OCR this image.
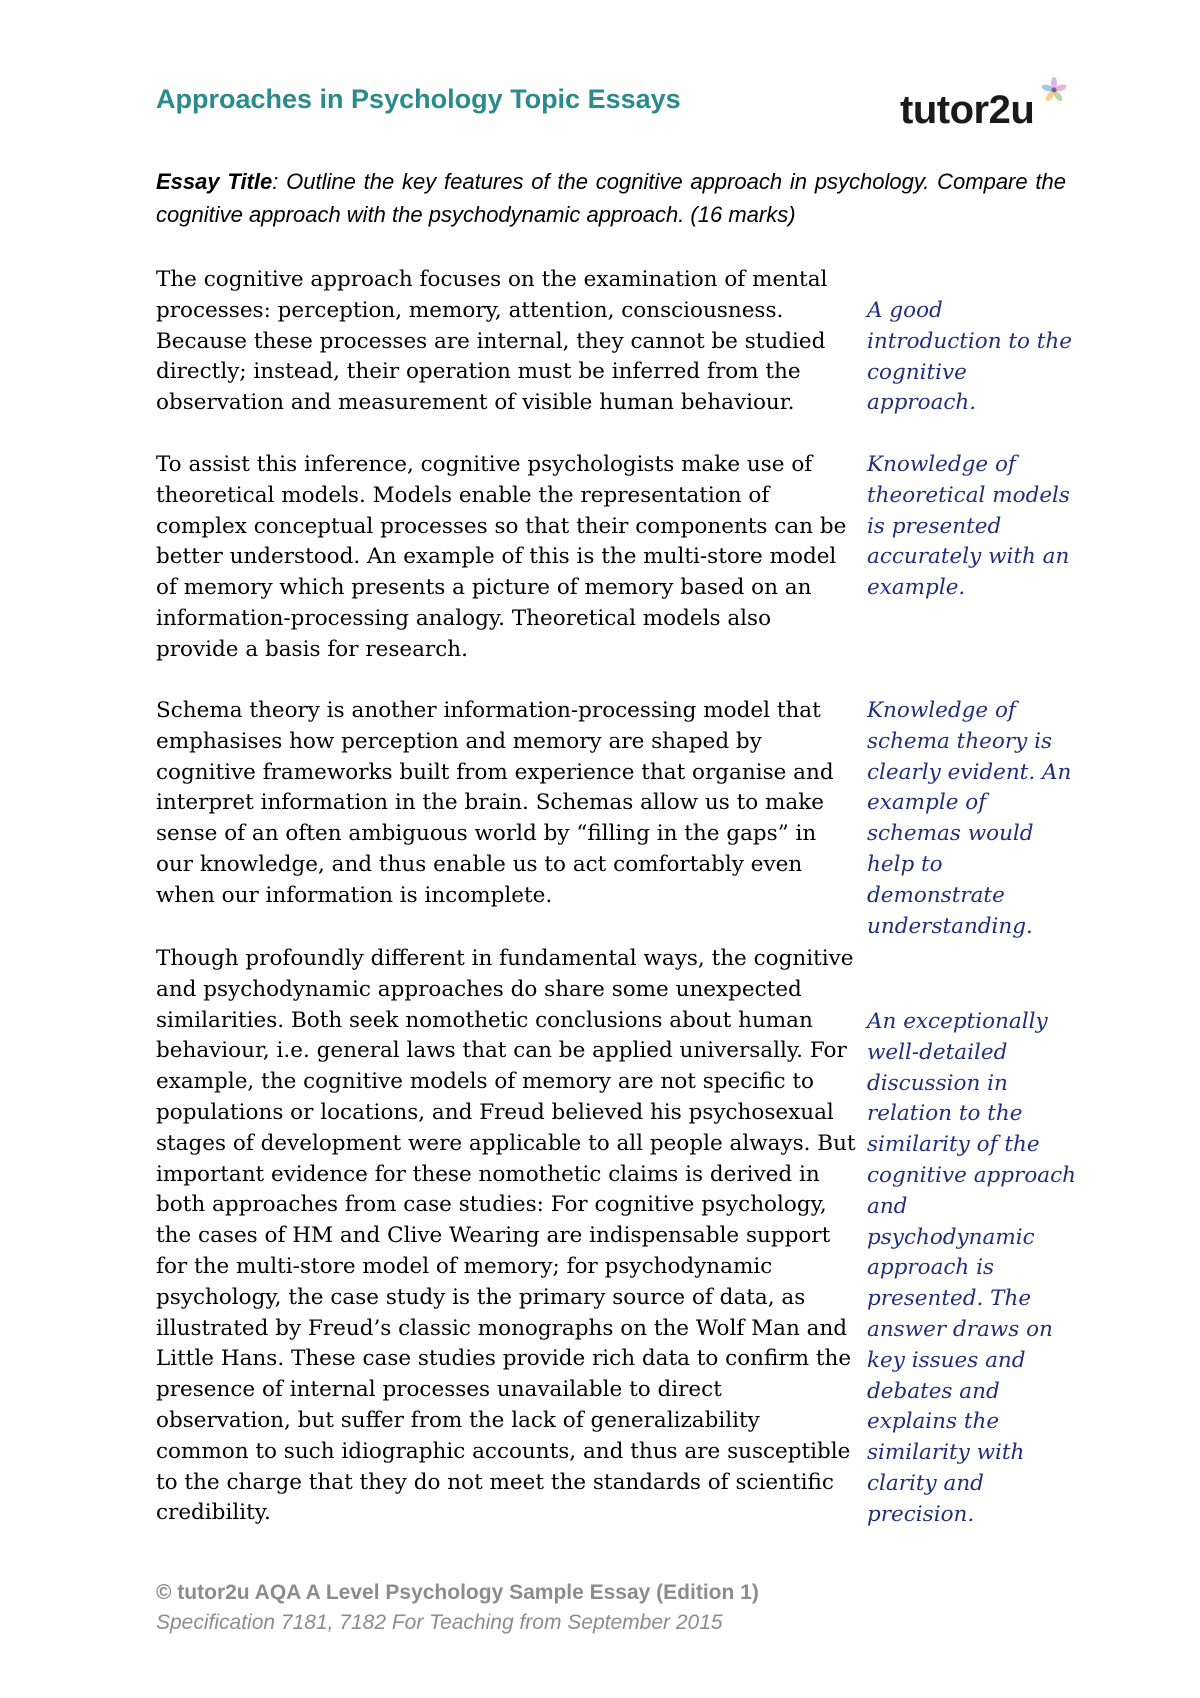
Approaches in Psychology Topic Essays	tutor2u

Essay Title: Outline the key features of the cognitive approach in psychology. Compare the cognitive approach with the psychodynamic approach. (16 marks)

The cognitive approach focuses on the examination of mental processes: perception, memory, attention, consciousness. Because these processes are internal, they cannot be studied directly; instead, their operation must be inferred from the observation and measurement of visible human behaviour.

A good introduction to the cognitive approach.

To assist this inference, cognitive psychologists make use of theoretical models. Models enable the representation of complex conceptual processes so that their components can be better understood. An example of this is the multi-store model of memory which presents a picture of memory based on an information-processing analogy. Theoretical models also provide a basis for research.

Knowledge of theoretical models is presented accurately with an example.

Schema theory is another information-processing model that emphasises how perception and memory are shaped by cognitive frameworks built from experience that organise and interpret information in the brain. Schemas allow us to make sense of an often ambiguous world by “filling in the gaps” in our knowledge, and thus enable us to act comfortably even when our information is incomplete.

Knowledge of schema theory is clearly evident. An example of schemas would help to demonstrate understanding.

Though profoundly different in fundamental ways, the cognitive and psychodynamic approaches do share some unexpected similarities. Both seek nomothetic conclusions about human behaviour, i.e. general laws that can be applied universally. For example, the cognitive models of memory are not specific to populations or locations, and Freud believed his psychosexual stages of development were applicable to all people always. But important evidence for these nomothetic claims is derived in both approaches from case studies: For cognitive psychology, the cases of HM and Clive Wearing are indispensable support for the multi-store model of memory; for psychodynamic psychology, the case study is the primary source of data, as illustrated by Freud’s classic monographs on the Wolf Man and Little Hans. These case studies provide rich data to confirm the presence of internal processes unavailable to direct observation, but suffer from the lack of generalizability common to such idiographic accounts, and thus are susceptible to the charge that they do not meet the standards of scientific credibility.

An exceptionally well-detailed discussion in relation to the similarity of the cognitive approach and psychodynamic approach is presented. The answer draws on key issues and debates and explains the similarity with clarity and precision.

© tutor2u AQA A Level Psychology Sample Essay (Edition 1)
Specification 7181, 7182 For Teaching from September 2015
